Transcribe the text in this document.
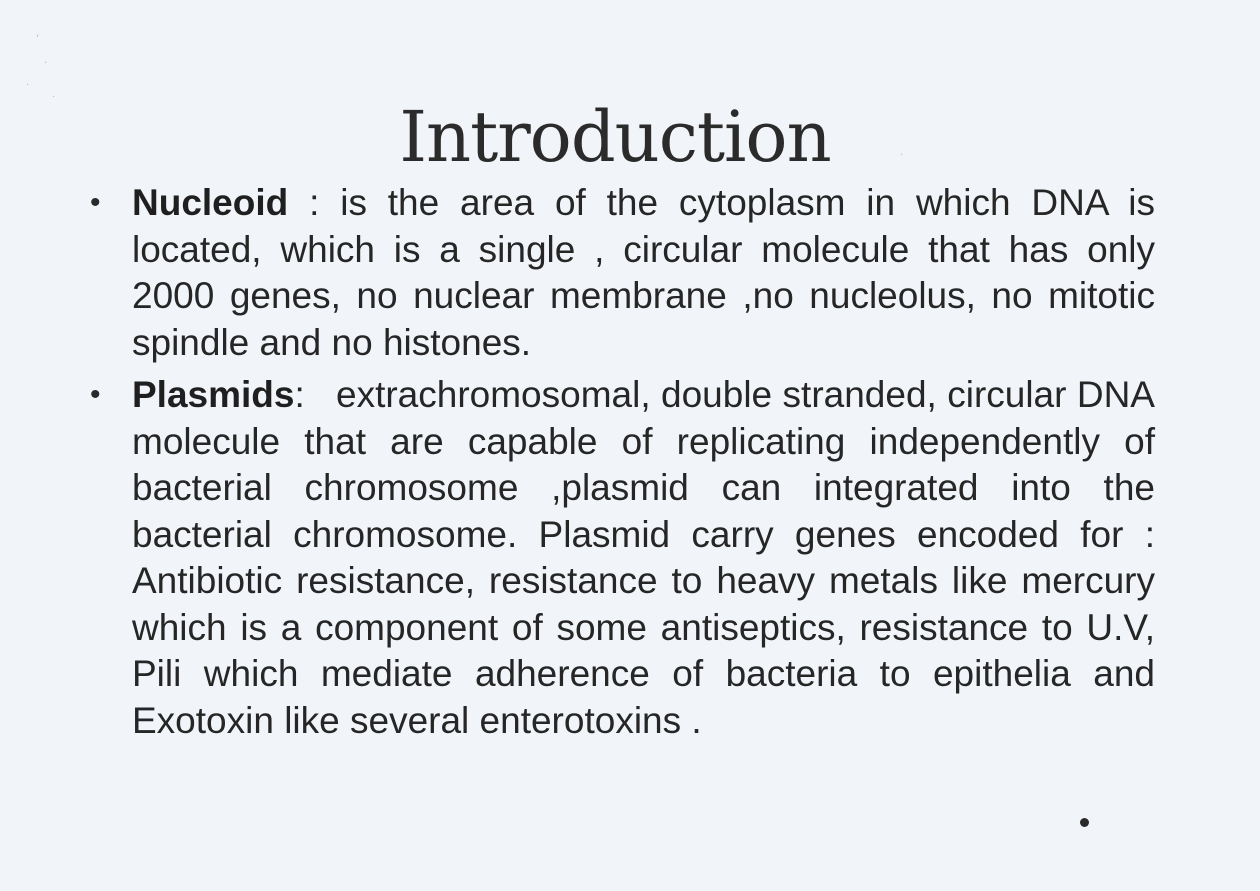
,
·
·
·
·
Introduction
• Nucleoid : is the area of the cytoplasm in which DNA is located, which is a single , circular molecule that has only 2000 genes, no nuclear membrane ,no nucleolus, no mitotic spindle and no histones.

• Plasmids:   extrachromosomal, double stranded, circular DNA molecule that are capable of replicating independently of bacterial chromosome ,plasmid can integrated into the bacterial chromosome. Plasmid carry genes encoded for : Antibiotic resistance, resistance to heavy metals like mercury which is a component of some antiseptics, resistance to U.V, Pili which mediate adherence of bacteria to epithelia and Exotoxin like several enterotoxins .
